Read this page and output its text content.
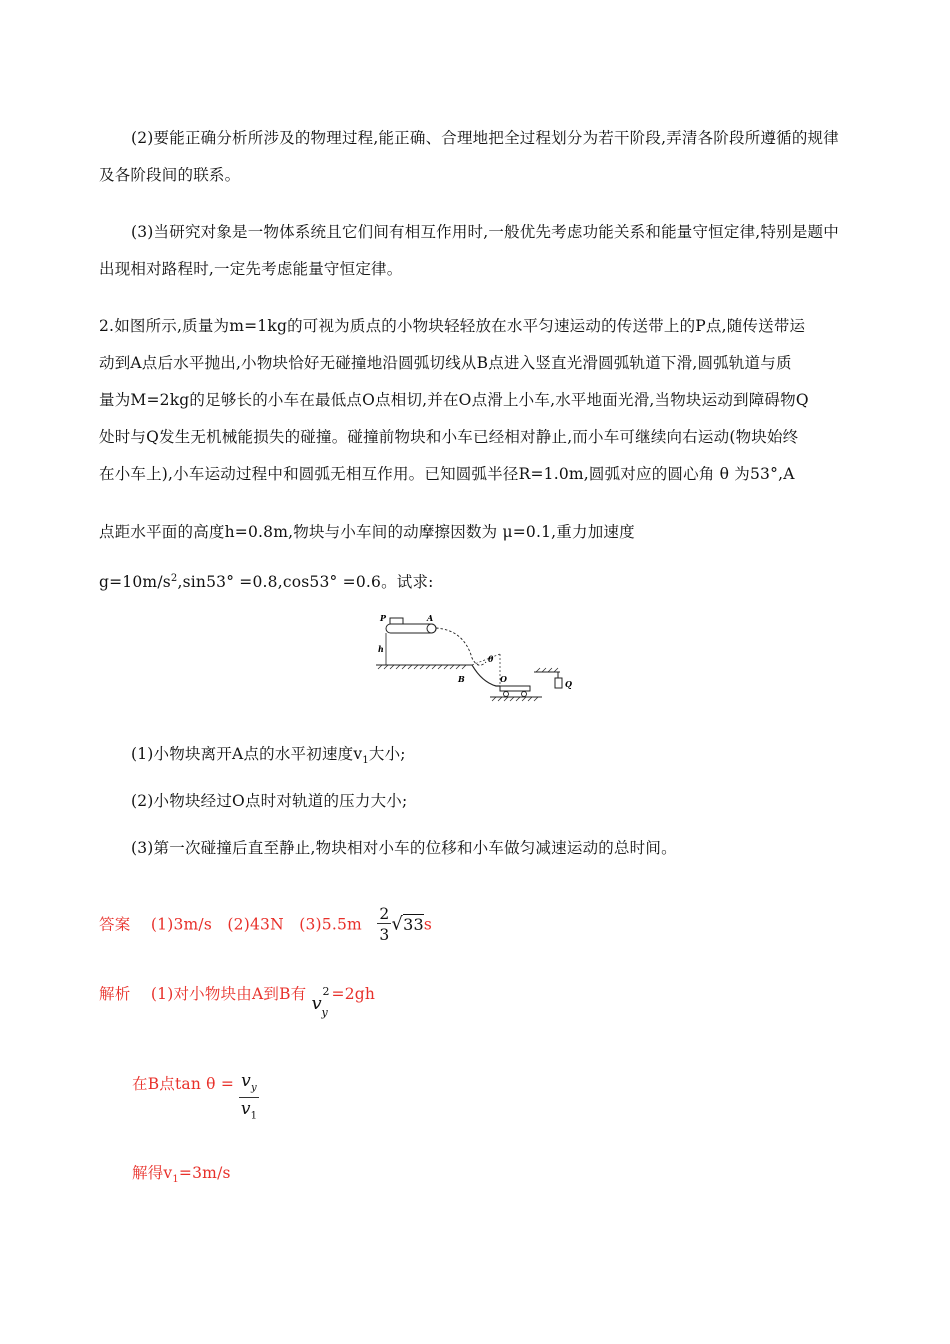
(2)要能正确分析所涉及的物理过程,能正确、合理地把全过程划分为若干阶段,弄清各阶段所遵循的规律及各阶段间的联系。
(3)当研究对象是一物体系统且它们间有相互作用时,一般优先考虑功能关系和能量守恒定律,特别是题中出现相对路程时,一定先考虑能量守恒定律。
2.如图所示,质量为m=1kg的可视为质点的小物块轻轻放在水平匀速运动的传送带上的P点,随传送带运
动到A点后水平抛出,小物块恰好无碰撞地沿圆弧切线从B点进入竖直光滑圆弧轨道下滑,圆弧轨道与质
量为M=2kg的足够长的小车在最低点O点相切,并在O点滑上小车,水平地面光滑,当物块运动到障碍物Q
处时与Q发生无机械能损失的碰撞。碰撞前物块和小车已经相对静止,而小车可继续向右运动(物块始终
在小车上),小车运动过程中和圆弧无相互作用。已知圆弧半径R=1.0m,圆弧对应的圆心角 θ 为53°,A
点距水平面的高度h=0.8m,物块与小车间的动摩擦因数为 μ=0.1,重力加速度
$g=10m/s^2,\sin 53^\circ =0.8,\cos 53^\circ =0.6$。试求:
P	A
h
B
θ
O	Q
(1)小物块离开A点的水平初速度$v_1$大小;
(2)小物块经过O点时对轨道的压力大小;
(3)第一次碰撞后直至静止,物块相对小车的位移和小车做匀减速运动的总时间。
答案 (1)3m/s (2)43N $(3)5.5m \frac{2}{3} √33s$
解析 (1)对小物块由A到B有 v y
2 =2gh
在B点$\tan \theta = \frac{v_y}{v_1}$
解得$v_1=3m/s$
